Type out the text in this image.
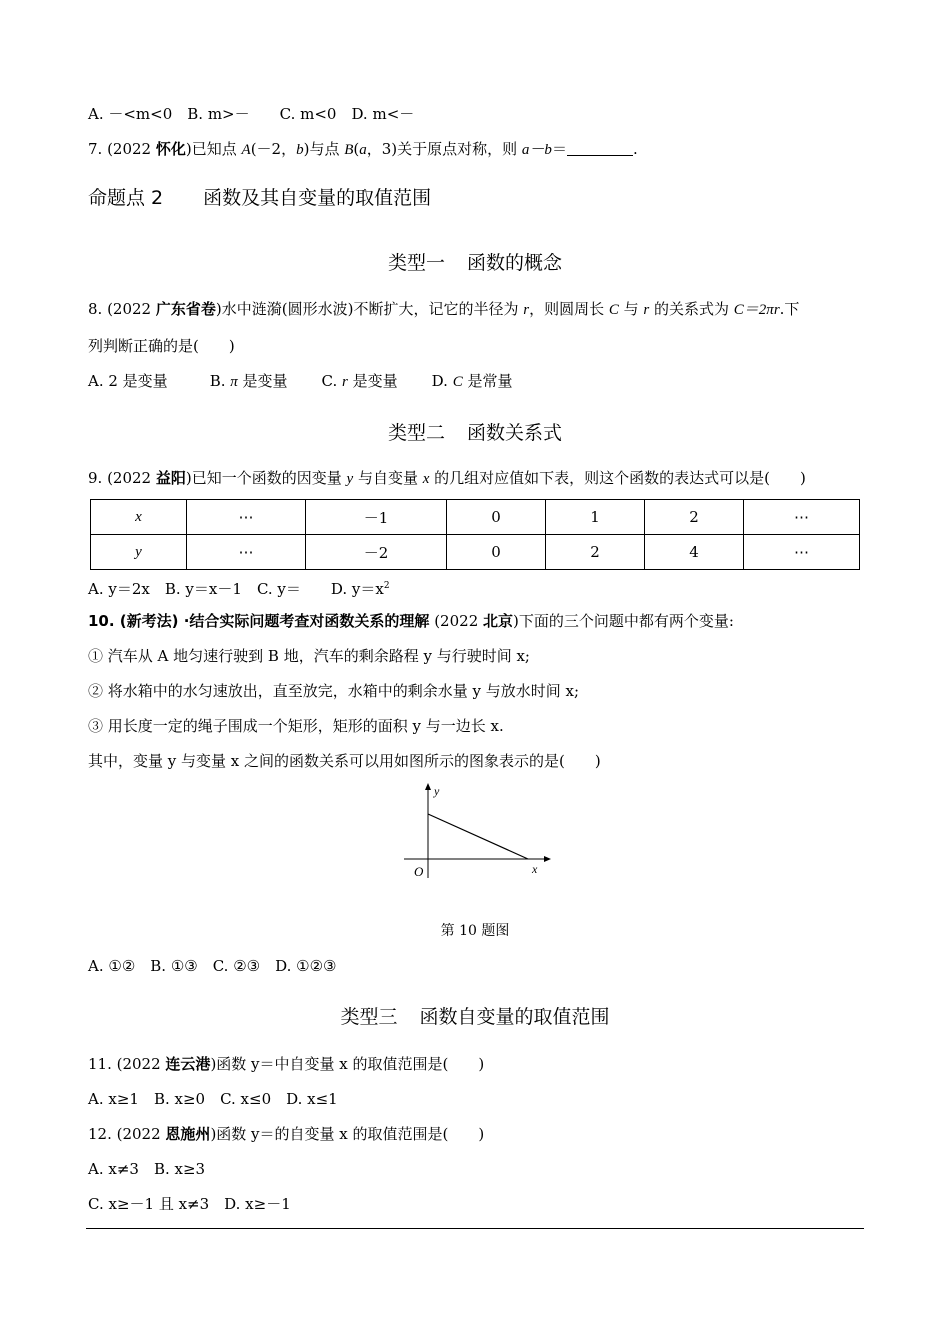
A. －<m<0　B. m>－　　C. m<0　D. m<－
7. (2022 怀化)已知点 A(－2，b)与点 B(a，3)关于原点对称，则 a－b＝	.
命题点 2 函数及其自变量的取值范围
类型一 函数的概念
8. (2022 广东省卷)水中涟漪(圆形水波)不断扩大，记它的半径为 r，则圆周长 C 与 r 的关系式为 C＝2πr.下
列判断正确的是(　　)
A. 2 是变量	B. π 是变量 C. r 是变量 D. C 是常量
类型二 函数关系式
9. (2022 益阳)已知一个函数的因变量 y 与自变量 x 的几组对应值如下表，则这个函数的表达式可以是(　　)
x	⋯	－1	0	1	2	⋯
y	⋯	－2	0	2	4	⋯
A. y＝2x　 B. y＝x－1　 C. y＝ D. $y=x^2$
10. (新考法) ·结合实际问题考查对函数关系的理解 (2022 北京)下面的三个问题中都有两个变量:
① 汽车从 A 地匀速行驶到 B 地，汽车的剩余路程 y 与行驶时间 x;
② 将水箱中的水匀速放出，直至放完，水箱中的剩余水量 y 与放水时间 x;
③ 用长度一定的绳子围成一个矩形，矩形的面积 y 与一边长 x.
其中，变量 y 与变量 x 之间的函数关系可以用如图所示的图象表示的是(　　)
y
x
O
第 10 题图
A. ①②　B. ①③　C. ②③　D. ①②③
类型三 函数自变量的取值范围
11. (2022 连云港)函数 y＝中自变量 x 的取值范围是(　　)
A. x≥1　B. x≥0　C. x≤0　D. x≤1
12. (2022 恩施州)函数 y＝的自变量 x 的取值范围是(　　)
A. x≠3　B. x≥3
C. x≥－1 且 x≠3　D. x≥－1
